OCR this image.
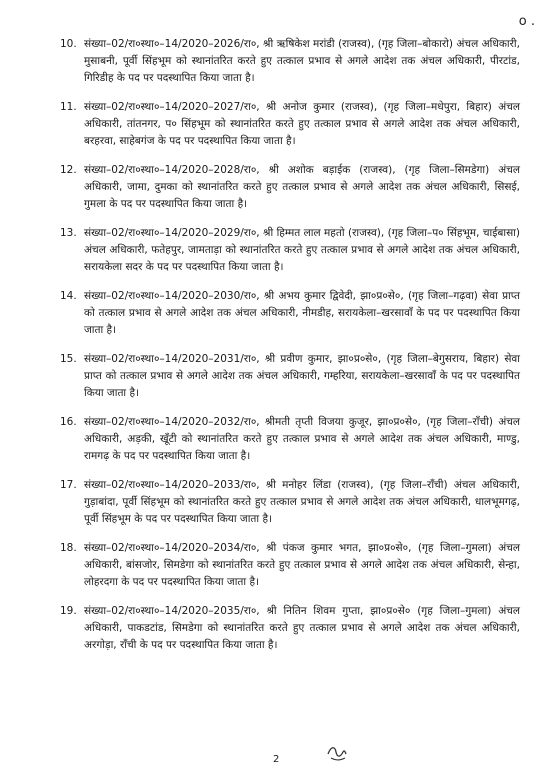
o .
10. संख्या–02/रा०स्था०–14/2020–2026/रा०, श्री ऋषिकेश मरांडी (राजस्व), (गृह जिला–बोकारो) अंचल अधिकारी, मुसाबनी, पूर्वी सिंहभूम को स्थानांतरित करते हुए तत्काल प्रभाव से अगले आदेश तक अंचल अधिकारी, पीरटांड, गिरिडीह के पद पर पदस्थापित किया जाता है।
11. संख्या–02/रा०स्था०–14/2020–2027/रा०, श्री अनोज कुमार (राजस्व), (गृह जिला–मधेपुरा, बिहार) अंचल अधिकारी, तांतनगर, प० सिंहभूम को स्थानांतरित करते हुए तत्काल प्रभाव से अगले आदेश तक अंचल अधिकारी, बरहरवा, साहेबगंज के पद पर पदस्थापित किया जाता है।
12. संख्या–02/रा०स्था०–14/2020–2028/रा०, श्री अशोक बड़ाईक (राजस्व), (गृह जिला–सिमडेगा) अंचल अधिकारी, जामा, दुमका को स्थानांतरित करते हुए तत्काल प्रभाव से अगले आदेश तक अंचल अधिकारी, सिसई, गुमला के पद पर पदस्थापित किया जाता है।
13. संख्या–02/रा०स्था०–14/2020–2029/रा०, श्री हिम्मत लाल महतो (राजस्व), (गृह जिला–प० सिंहभूम, चाईबासा) अंचल अधिकारी, फतेहपुर, जामताड़ा को स्थानांतरित करते हुए तत्काल प्रभाव से अगले आदेश तक अंचल अधिकारी, सरायकेला सदर के पद पर पदस्थापित किया जाता है।
14. संख्या–02/रा०स्था०–14/2020–2030/रा०, श्री अभय कुमार द्विवेदी, झा०प्र०से०, (गृह जिला–गढ़वा) सेवा प्राप्त को तत्काल प्रभाव से अगले आदेश तक अंचल अधिकारी, नीमडीह, सरायकेला–खरसावाँ के पद पर पदस्थापित किया जाता है।
15. संख्या–02/रा०स्था०–14/2020–2031/रा०, श्री प्रवीण कुमार, झा०प्र०से०, (गृह जिला–बेगुसराय, बिहार) सेवा प्राप्त को तत्काल प्रभाव से अगले आदेश तक अंचल अधिकारी, गम्हरिया, सरायकेला–खरसावाँ के पद पर पदस्थापित किया जाता है।
16. संख्या–02/रा०स्था०–14/2020–2032/रा०, श्रीमती तृप्ती विजया कुजूर, झा०प्र०से०, (गृह जिला–राँची) अंचल अधिकारी, अड़की, खूँटी को स्थानांतरित करते हुए तत्काल प्रभाव से अगले आदेश तक अंचल अधिकारी, माण्डु, रामगढ़ के पद पर पदस्थापित किया जाता है।
17. संख्या–02/रा०स्था०–14/2020–2033/रा०, श्री मनोहर लिंडा (राजस्व), (गृह जिला–राँची) अंचल अधिकारी, गुड़ाबांदा, पूर्वी सिंहभूम को स्थानांतरित करते हुए तत्काल प्रभाव से अगले आदेश तक अंचल अधिकारी, धालभूमगढ़, पूर्वी सिंहभूम के पद पर पदस्थापित किया जाता है।
18. संख्या–02/रा०स्था०–14/2020–2034/रा०, श्री पंकज कुमार भगत, झा०प्र०से०, (गृह जिला–गुमला) अंचल अधिकारी, बांसजोर, सिमडेगा को स्थानांतरित करते हुए तत्काल प्रभाव से अगले आदेश तक अंचल अधिकारी, सेन्हा, लोहरदगा के पद पर पदस्थापित किया जाता है।
19. संख्या–02/रा०स्था०–14/2020–2035/रा०, श्री नितिन शिवम गुप्ता, झा०प्र०से० (गृह जिला–गुमला) अंचल अधिकारी, पाकडटांड, सिमडेगा को स्थानांतरित करते हुए तत्काल प्रभाव से अगले आदेश तक अंचल अधिकारी, अरगोड़ा, राँची के पद पर पदस्थापित किया जाता है।
2
